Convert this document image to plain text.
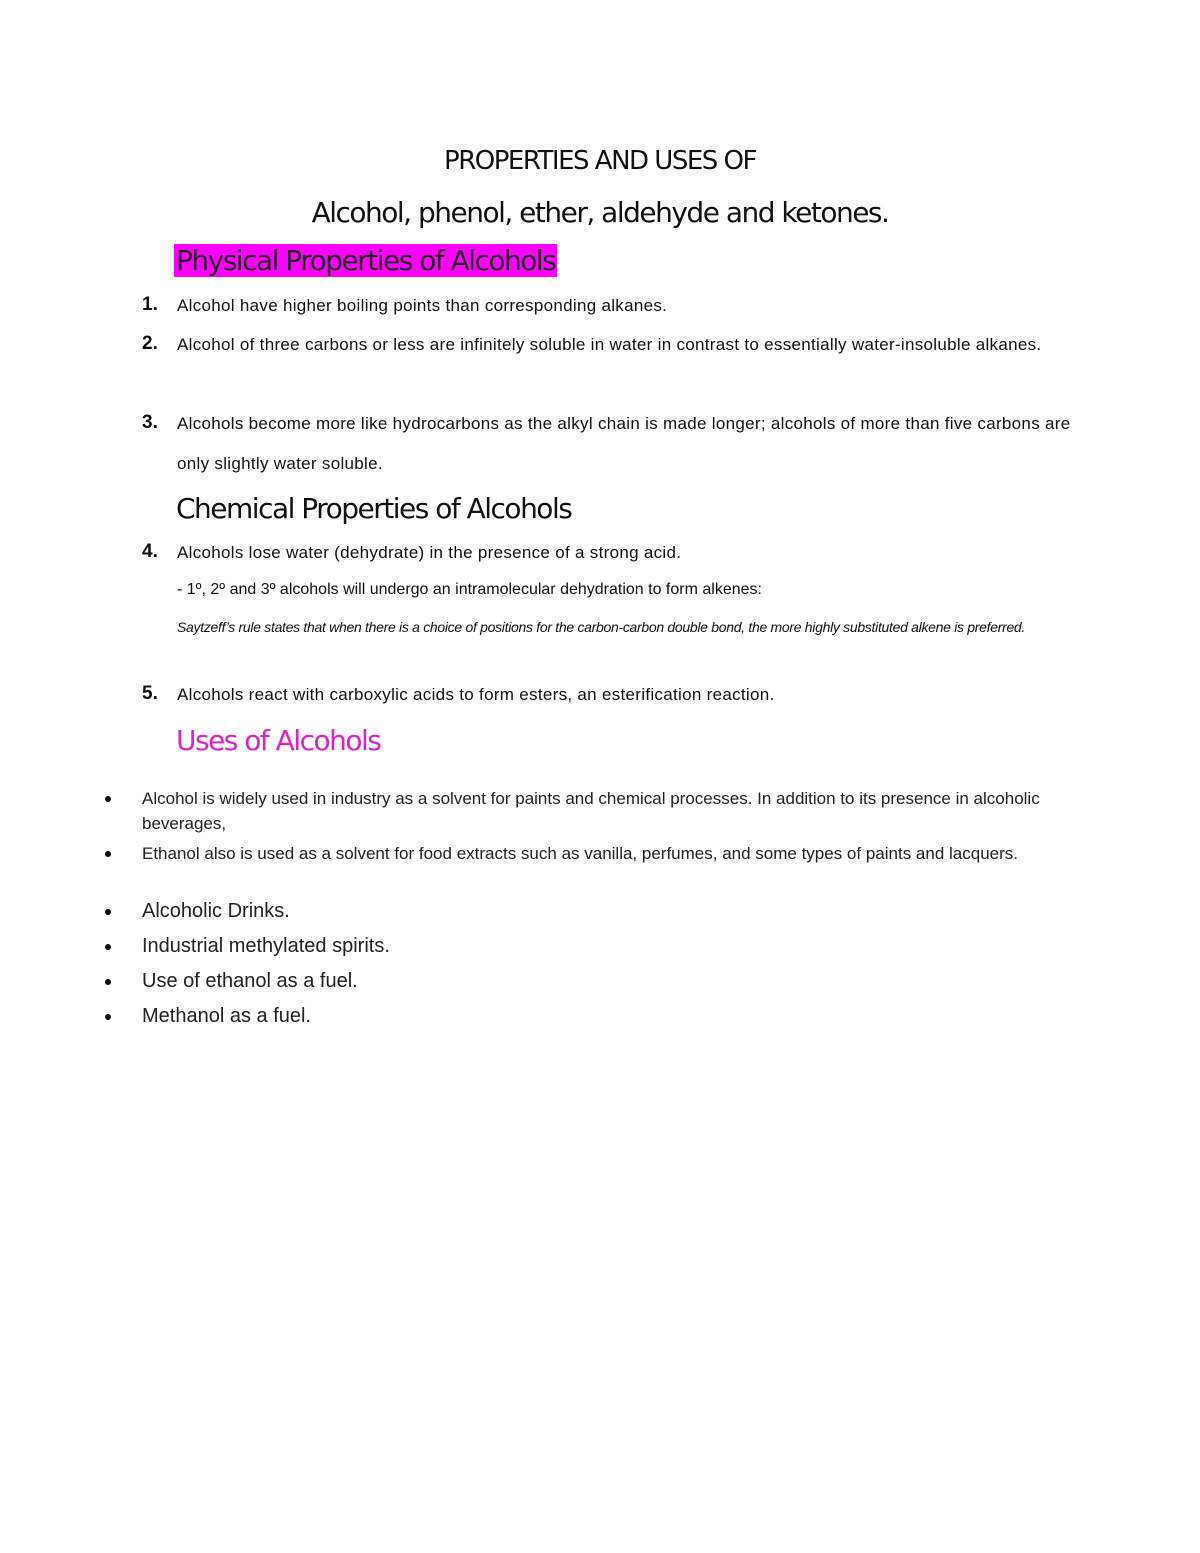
PROPERTIES AND USES OF
Alcohol, phenol, ether, aldehyde and ketones.
Physical Properties of Alcohols
1. Alcohol have higher boiling points than corresponding alkanes.
2. Alcohol of three carbons or less are infinitely soluble in water in contrast to essentially water-insoluble alkanes.
3. Alcohols become more like hydrocarbons as the alkyl chain is made longer; alcohols of more than five carbons are only slightly water soluble.
Chemical Properties of Alcohols
4. Alcohols lose water (dehydrate) in the presence of a strong acid.
- 1º, 2º and 3º alcohols will undergo an intramolecular dehydration to form alkenes:
Saytzeff’s rule states that when there is a choice of positions for the carbon-carbon double bond, the more highly substituted alkene is preferred.
5. Alcohols react with carboxylic acids to form esters, an esterification reaction.
Uses of Alcohols
Alcohol is widely used in industry as a solvent for paints and chemical processes. In addition to its presence in alcoholic beverages,
Ethanol also is used as a solvent for food extracts such as vanilla, perfumes, and some types of paints and lacquers.
Alcoholic Drinks.
Industrial methylated spirits.
Use of ethanol as a fuel.
Methanol as a fuel.
